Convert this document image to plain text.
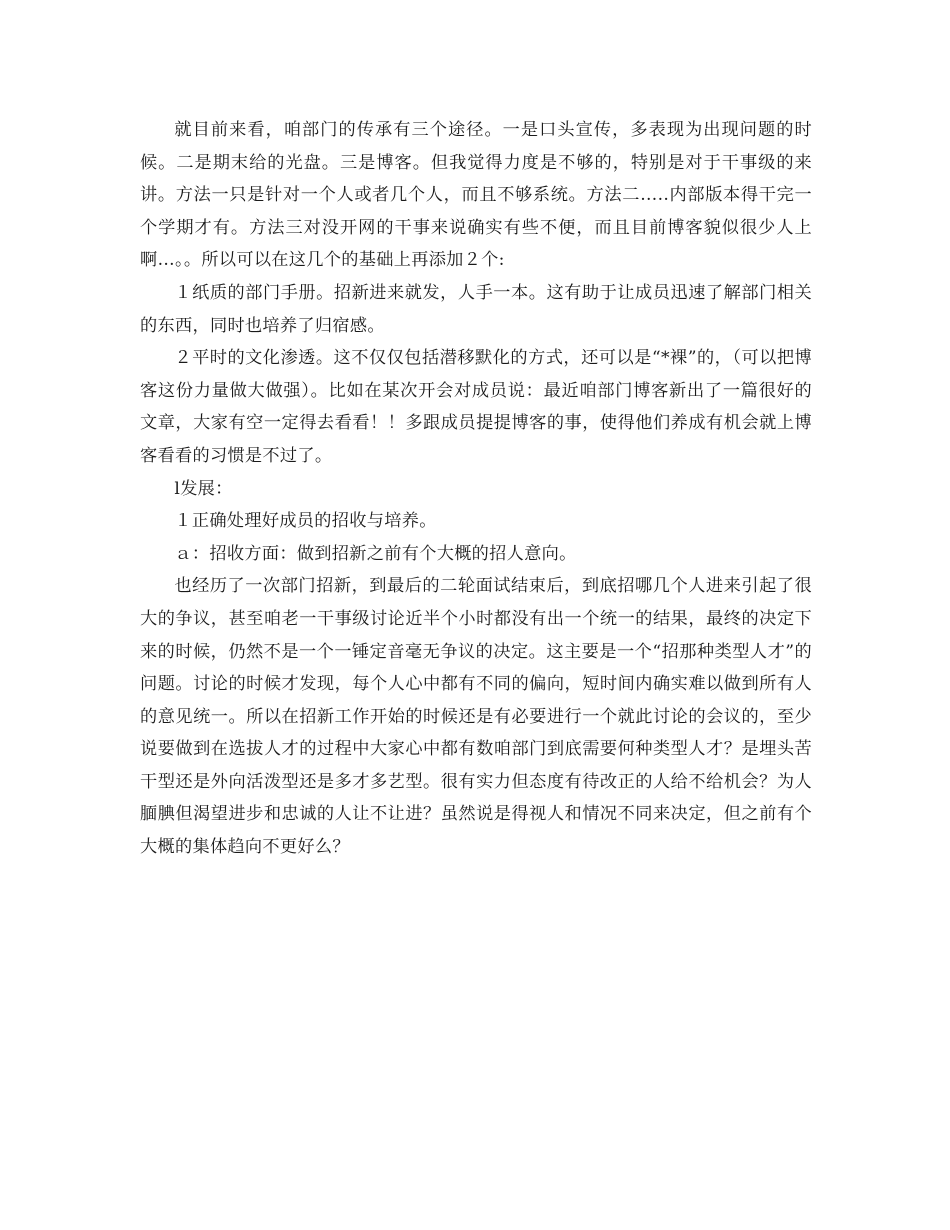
就目前来看，咱部门的传承有三个途径。一是口头宣传，多表现为出现问题的时候。二是期末给的光盘。三是博客。但我觉得力度是不够的，特别是对于干事级的来讲。方法一只是针对一个人或者几个人，而且不够系统。方法二…..内部版本得干完一个学期才有。方法三对没开网的干事来说确实有些不便，而且目前博客貌似很少人上啊…。。所以可以在这几个的基础上再添加２个:

１纸质的部门手册。招新进来就发，人手一本。这有助于让成员迅速了解部门相关的东西，同时也培养了归宿感。

２平时的文化渗透。这不仅仅包括潜移默化的方式，还可以是“*裸”的，（可以把博客这份力量做大做强）。比如在某次开会对成员说：最近咱部门博客新出了一篇很好的文章，大家有空一定得去看看！！多跟成员提提博客的事，使得他们养成有机会就上博客看看的习惯是不过了。

l发展：

１正确处理好成员的招收与培养。

ａ：招收方面：做到招新之前有个大概的招人意向。

也经历了一次部门招新，到最后的二轮面试结束后，到底招哪几个人进来引起了很大的争议，甚至咱老一干事级讨论近半个小时都没有出一个统一的结果，最终的决定下来的时候，仍然不是一个一锤定音毫无争议的决定。这主要是一个“招那种类型人才”的问题。讨论的时候才发现，每个人心中都有不同的偏向，短时间内确实难以做到所有人的意见统一。所以在招新工作开始的时候还是有必要进行一个就此讨论的会议的，至少说要做到在选拔人才的过程中大家心中都有数咱部门到底需要何种类型人才？是埋头苦干型还是外向活泼型还是多才多艺型。很有实力但态度有待改正的人给不给机会？为人腼腆但渴望进步和忠诚的人让不让进？虽然说是得视人和情况不同来决定，但之前有个大概的集体趋向不更好么？
